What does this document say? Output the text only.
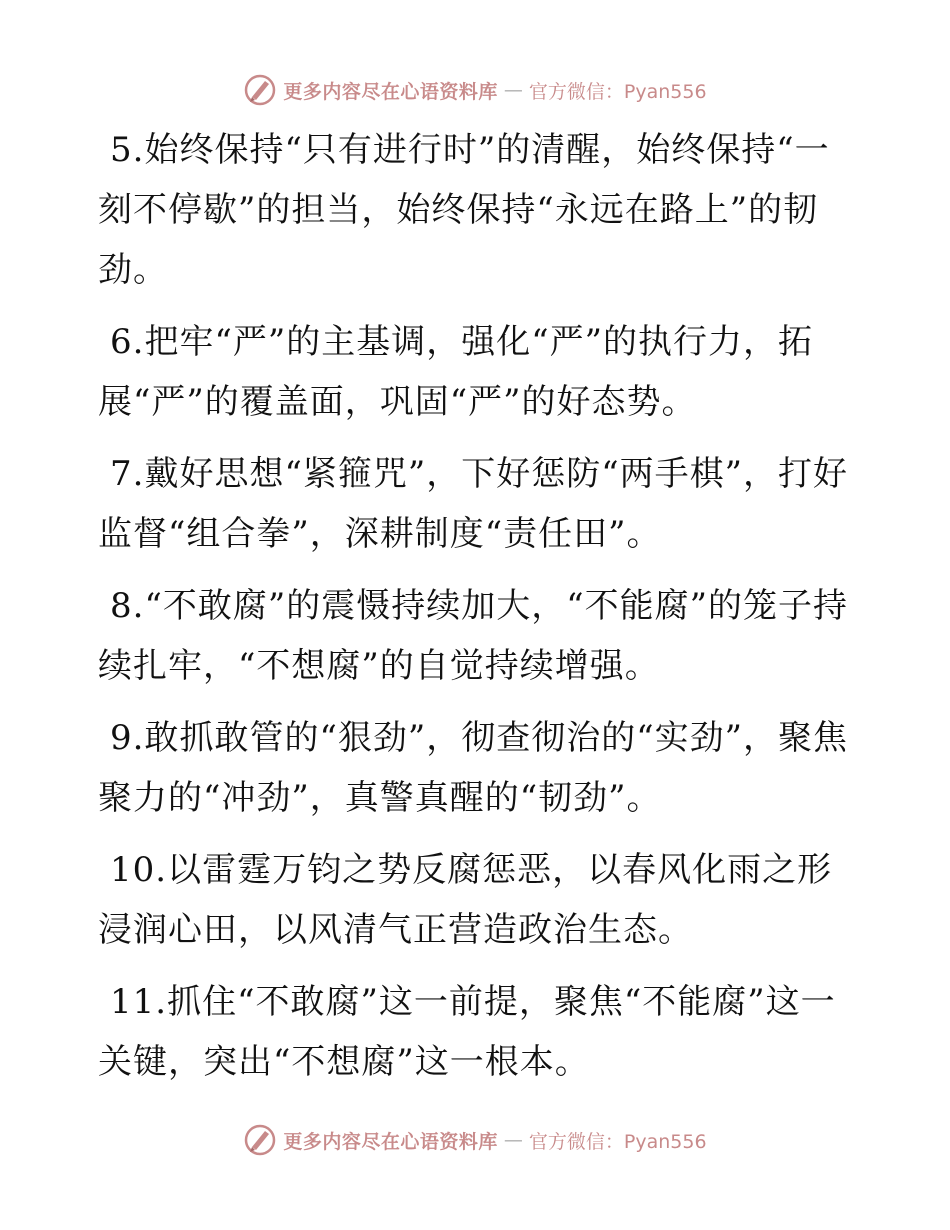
更多内容尽在心语资料库 — 官方微信：Pyan556

5.始终保持“只有进行时”的清醒，始终保持“一刻不停歇”的担当，始终保持“永远在路上”的韧劲。

6.把牢“严”的主基调，强化“严”的执行力，拓展“严”的覆盖面，巩固“严”的好态势。

7.戴好思想“紧箍咒”，下好惩防“两手棋”，打好监督“组合拳”，深耕制度“责任田”。

8.“不敢腐”的震慑持续加大，“不能腐”的笼子持续扎牢，“不想腐”的自觉持续增强。

9.敢抓敢管的“狠劲”，彻查彻治的“实劲”，聚焦聚力的“冲劲”，真警真醒的“韧劲”。

10.以雷霆万钧之势反腐惩恶，以春风化雨之形浸润心田，以风清气正营造政治生态。

11.抓住“不敢腐”这一前提，聚焦“不能腐”这一关键，突出“不想腐”这一根本。

更多内容尽在心语资料库 — 官方微信：Pyan556
